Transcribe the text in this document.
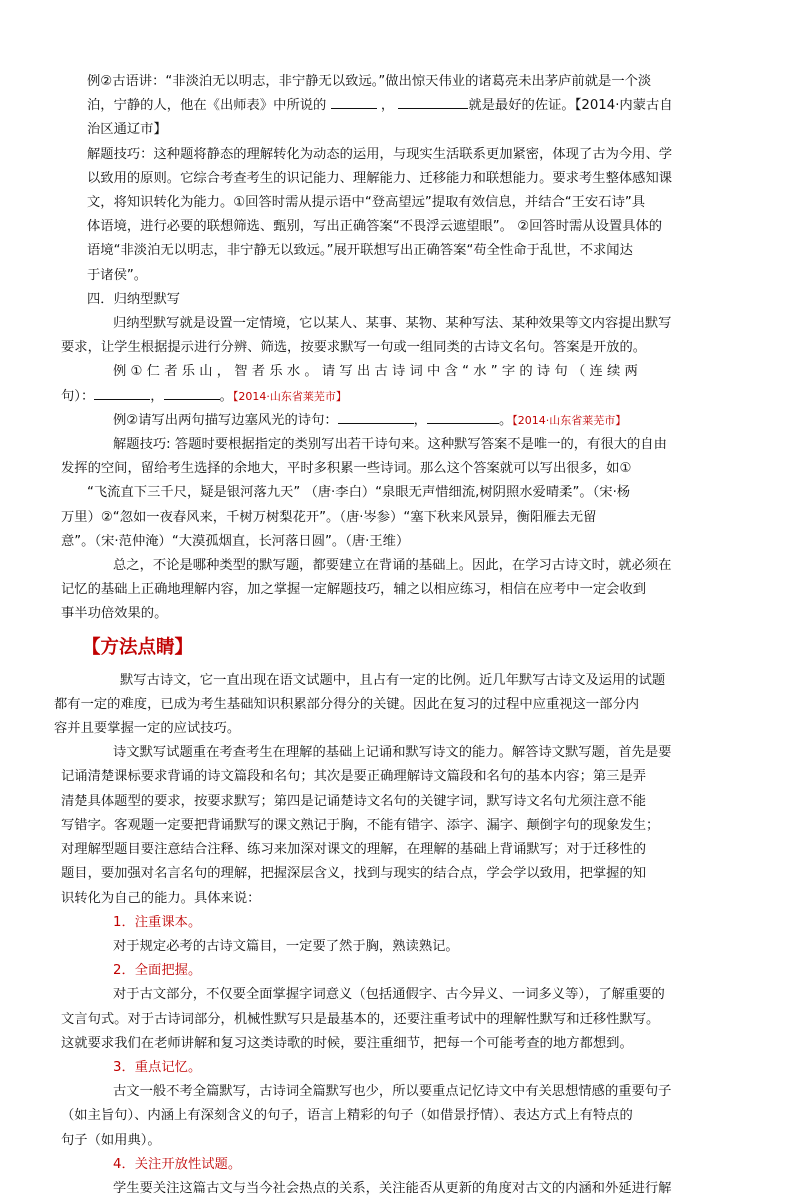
例②古语讲：“非淡泊无以明志，非宁静无以致远。”做出惊天伟业的诸葛亮未出茅庐前就是一个淡
泊，宁静的人，他在《出师表》中所说的	，	就是最好的佐证。【2014·内蒙古自
治区通辽市】

解题技巧：这种题将静态的理解转化为动态的运用，与现实生活联系更加紧密，体现了古为今用、学
以致用的原则。它综合考查考生的识记能力、理解能力、迁移能力和联想能力。要求考生整体感知课
文，将知识转化为能力。①回答时需从提示语中“登高望远”提取有效信息，并结合“王安石诗”具
体语境，进行必要的联想筛选、甄别，写出正确答案“不畏浮云遮望眼”。 ②回答时需从设置具体的
语境“非淡泊无以明志，非宁静无以致远。”展开联想写出正确答案“苟全性命于乱世，不求闻达
于诸侯”。

四．归纳型默写

归纳型默写就是设置一定情境，它以某人、某事、某物、某种写法、某种效果等文内容提出默写
要求，让学生根据提示进行分辨、筛选，按要求默写一句或一组同类的古诗文名句。答案是开放的。

例 ① 仁 者 乐 山 ， 智 者 乐 水 。 请 写 出 古 诗 词 中 含 “ 水 ” 字 的 诗 句 （ 连 续 两
句）：	，	。【2014·山东省莱芜市】

例②请写出两句描写边塞风光的诗句：	，	。【2014·山东省莱芜市】

解题技巧: 答题时要根据指定的类别写出若干诗句来。这种默写答案不是唯一的，有很大的自由
发挥的空间，留给考生选择的余地大，平时多积累一些诗词。那么这个答案就可以写出很多，如①
“飞流直下三千尺，疑是银河落九天” （唐·李白）“泉眼无声惜细流,树阴照水爱晴柔”。（宋·杨
万里）②“忽如一夜春风来，千树万树梨花开”。（唐·岑参）“塞下秋来风景异，衡阳雁去无留
意”。（宋·范仲淹）“大漠孤烟直，长河落日圆”。（唐·王维）

总之，不论是哪种类型的默写题，都要建立在背诵的基础上。因此，在学习古诗文时，就必须在
记忆的基础上正确地理解内容，加之掌握一定解题技巧，辅之以相应练习，相信在应考中一定会收到
事半功倍效果的。

【方法点睛】

默写古诗文，它一直出现在语文试题中，且占有一定的比例。近几年默写古诗文及运用的试题
都有一定的难度，已成为考生基础知识积累部分得分的关键。因此在复习的过程中应重视这一部分内
容并且要掌握一定的应试技巧。

诗文默写试题重在考查考生在理解的基础上记诵和默写诗文的能力。解答诗文默写题，首先是要
记诵清楚课标要求背诵的诗文篇段和名句；其次是要正确理解诗文篇段和名句的基本内容；第三是弄
清楚具体题型的要求，按要求默写；第四是记诵楚诗文名句的关键字词，默写诗文名句尤须注意不能
写错字。客观题一定要把背诵默写的课文熟记于胸，不能有错字、添字、漏字、颠倒字句的现象发生；
对理解型题目要注意结合注释、练习来加深对课文的理解，在理解的基础上背诵默写；对于迁移性的
题目，要加强对名言名句的理解，把握深层含义，找到与现实的结合点，学会学以致用，把掌握的知
识转化为自己的能力。具体来说：

1．注重课本。

对于规定必考的古诗文篇目，一定要了然于胸，熟读熟记。

2．全面把握。

对于古文部分，不仅要全面掌握字词意义（包括通假字、古今异义、一词多义等），了解重要的
文言句式。对于古诗词部分，机械性默写只是最基本的，还要注重考试中的理解性默写和迁移性默写。
这就要求我们在老师讲解和复习这类诗歌的时候，要注重细节，把每一个可能考查的地方都想到。

3．重点记忆。

古文一般不考全篇默写，古诗词全篇默写也少，所以要重点记忆诗文中有关思想情感的重要句子
（如主旨句）、内涵上有深刻含义的句子，语言上精彩的句子（如借景抒情）、表达方式上有特点的
句子（如用典）。

4．关注开放性试题。

学生要关注这篇古文与当今社会热点的关系，关注能否从更新的角度对古文的内涵和外延进行解
